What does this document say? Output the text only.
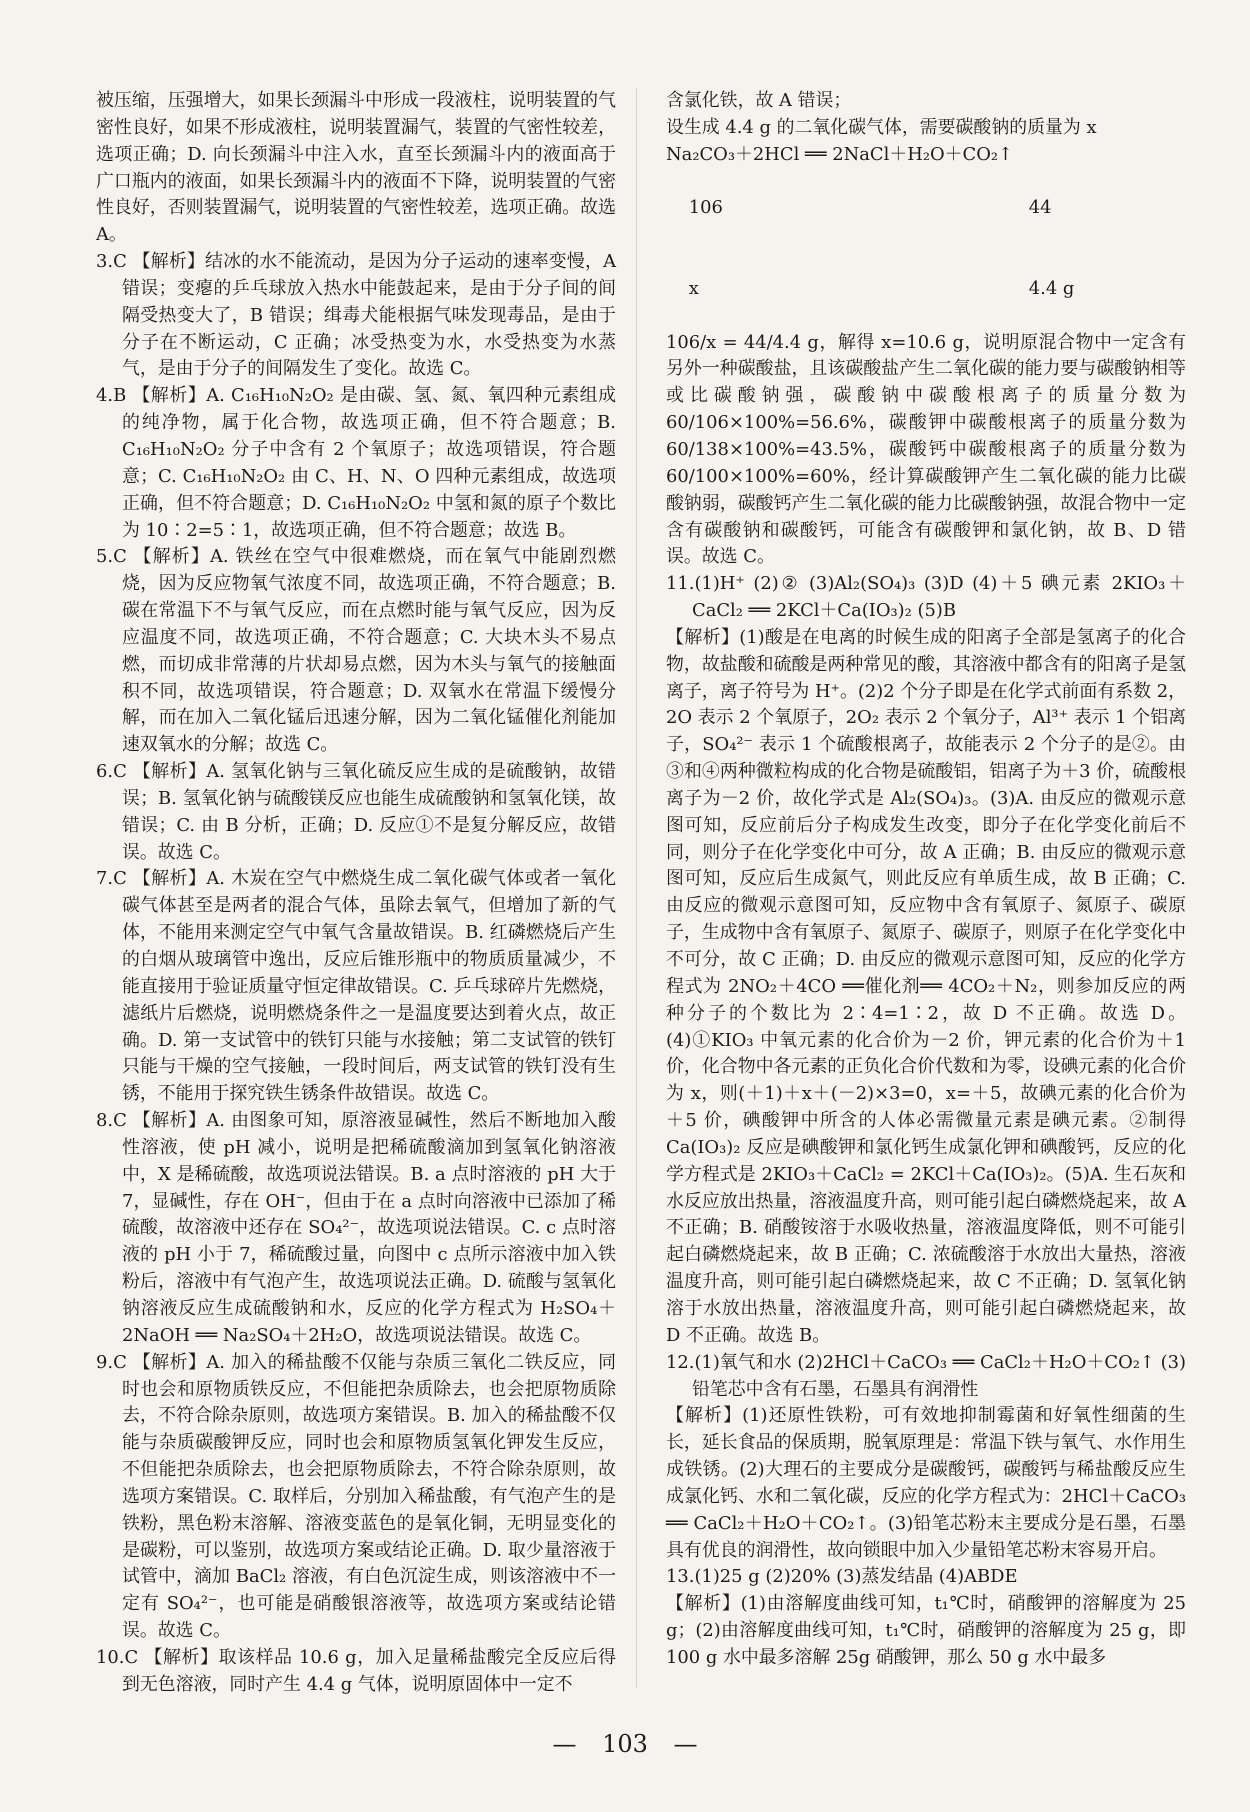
被压缩，压强增大，如果长颈漏斗中形成一段液柱，说明装置的气密性良好，如果不形成液柱，说明装置漏气，装置的气密性较差，选项正确；D. 向长颈漏斗中注入水，直至长颈漏斗内的液面高于广口瓶内的液面，如果长颈漏斗内的液面不下降，说明装置的气密性良好，否则装置漏气，说明装置的气密性较差，选项正确。故选 A。

3.C 【解析】结冰的水不能流动，是因为分子运动的速率变慢，A 错误；变瘪的乒乓球放入热水中能鼓起来，是由于分子间的间隔受热变大了，B 错误；缉毒犬能根据气味发现毒品，是由于分子在不断运动，C 正确；冰受热变为水，水受热变为水蒸气，是由于分子的间隔发生了变化。故选 C。

4.B 【解析】A. C₁₆H₁₀N₂O₂ 是由碳、氢、氮、氧四种元素组成的纯净物，属于化合物，故选项正确，但不符合题意；B. C₁₆H₁₀N₂O₂ 分子中含有 2 个氧原子；故选项错误，符合题意；C. C₁₆H₁₀N₂O₂ 由 C、H、N、O 四种元素组成，故选项正确，但不符合题意；D. C₁₆H₁₀N₂O₂ 中氢和氮的原子个数比为 10∶2=5∶1，故选项正确，但不符合题意；故选 B。

5.C 【解析】A. 铁丝在空气中很难燃烧，而在氧气中能剧烈燃烧，因为反应物氧气浓度不同，故选项正确，不符合题意；B. 碳在常温下不与氧气反应，而在点燃时能与氧气反应，因为反应温度不同，故选项正确，不符合题意；C. 大块木头不易点燃，而切成非常薄的片状却易点燃，因为木头与氧气的接触面积不同，故选项错误，符合题意；D. 双氧水在常温下缓慢分解，而在加入二氧化锰后迅速分解，因为二氧化锰催化剂能加速双氧水的分解；故选 C。

6.C 【解析】A. 氢氧化钠与三氧化硫反应生成的是硫酸钠，故错误；B. 氢氧化钠与硫酸镁反应也能生成硫酸钠和氢氧化镁，故错误；C. 由 B 分析，正确；D. 反应①不是复分解反应，故错误。故选 C。

7.C 【解析】A. 木炭在空气中燃烧生成二氧化碳气体或者一氧化碳气体甚至是两者的混合气体，虽除去氧气，但增加了新的气体，不能用来测定空气中氧气含量故错误。B. 红磷燃烧后产生的白烟从玻璃管中逸出，反应后锥形瓶中的物质质量减少，不能直接用于验证质量守恒定律故错误。C. 乒乓球碎片先燃烧，滤纸片后燃烧，说明燃烧条件之一是温度要达到着火点，故正确。D. 第一支试管中的铁钉只能与水接触；第二支试管的铁钉只能与干燥的空气接触，一段时间后，两支试管的铁钉没有生锈，不能用于探究铁生锈条件故错误。故选 C。

8.C 【解析】A. 由图象可知，原溶液显碱性，然后不断地加入酸性溶液，使 pH 减小，说明是把稀硫酸滴加到氢氧化钠溶液中，X 是稀硫酸，故选项说法错误。B. a 点时溶液的 pH 大于 7，显碱性，存在 OH⁻，但由于在 a 点时向溶液中已添加了稀硫酸，故溶液中还存在 SO₄²⁻，故选项说法错误。C. c 点时溶液的 pH 小于 7，稀硫酸过量，向图中 c 点所示溶液中加入铁粉后，溶液中有气泡产生，故选项说法正确。D. 硫酸与氢氧化钠溶液反应生成硫酸钠和水，反应的化学方程式为 H₂SO₄＋2NaOH ══ Na₂SO₄＋2H₂O，故选项说法错误。故选 C。

9.C 【解析】A. 加入的稀盐酸不仅能与杂质三氧化二铁反应，同时也会和原物质铁反应，不但能把杂质除去，也会把原物质除去，不符合除杂原则，故选项方案错误。B. 加入的稀盐酸不仅能与杂质碳酸钾反应，同时也会和原物质氢氧化钾发生反应，不但能把杂质除去，也会把原物质除去，不符合除杂原则，故选项方案错误。C. 取样后，分别加入稀盐酸，有气泡产生的是铁粉，黑色粉末溶解、溶液变蓝色的是氧化铜，无明显变化的是碳粉，可以鉴别，故选项方案或结论正确。D. 取少量溶液于试管中，滴加 BaCl₂ 溶液，有白色沉淀生成，则该溶液中不一定有 SO₄²⁻，也可能是硝酸银溶液等，故选项方案或结论错误。故选 C。

10.C 【解析】取该样品 10.6 g，加入足量稀盐酸完全反应后得到无色溶液，同时产生 4.4 g 气体，说明原固体中一定不

含氯化铁，故 A 错误；

设生成 4.4 g 的二氧化碳气体，需要碳酸钠的质量为 x

Na₂CO₃＋2HCl ══ 2NaCl＋H₂O＋CO₂↑

106	44

x	4.4 g

106/x = 44/4.4 g，解得 x=10.6 g，说明原混合物中一定含有另外一种碳酸盐，且该碳酸盐产生二氧化碳的能力要与碳酸钠相等或比碳酸钠强，碳酸钠中碳酸根离子的质量分数为 60/106×100%=56.6%，碳酸钾中碳酸根离子的质量分数为 60/138×100%=43.5%，碳酸钙中碳酸根离子的质量分数为 60/100×100%=60%，经计算碳酸钾产生二氧化碳的能力比碳酸钠弱，碳酸钙产生二氧化碳的能力比碳酸钠强，故混合物中一定含有碳酸钠和碳酸钙，可能含有碳酸钾和氯化钠，故 B、D 错误。故选 C。

11.(1)H⁺ (2)② (3)Al₂(SO₄)₃ (3)D (4)＋5 碘元素 2KIO₃＋CaCl₂ ══ 2KCl＋Ca(IO₃)₂ (5)B

【解析】(1)酸是在电离的时候生成的阳离子全部是氢离子的化合物，故盐酸和硫酸是两种常见的酸，其溶液中都含有的阳离子是氢离子，离子符号为 H⁺。(2)2 个分子即是在化学式前面有系数 2，2O 表示 2 个氧原子，2O₂ 表示 2 个氧分子，Al³⁺ 表示 1 个铝离子，SO₄²⁻ 表示 1 个硫酸根离子，故能表示 2 个分子的是②。由③和④两种微粒构成的化合物是硫酸铝，铝离子为＋3 价，硫酸根离子为－2 价，故化学式是 Al₂(SO₄)₃。(3)A. 由反应的微观示意图可知，反应前后分子构成发生改变，即分子在化学变化前后不同，则分子在化学变化中可分，故 A 正确；B. 由反应的微观示意图可知，反应后生成氮气，则此反应有单质生成，故 B 正确；C. 由反应的微观示意图可知，反应物中含有氧原子、氮原子、碳原子，生成物中含有氧原子、氮原子、碳原子，则原子在化学变化中不可分，故 C 正确；D. 由反应的微观示意图可知，反应的化学方程式为 2NO₂＋4CO ══催化剂══ 4CO₂＋N₂，则参加反应的两种分子的个数比为 2∶4=1∶2，故 D 不正确。故选 D。(4)①KIO₃ 中氧元素的化合价为－2 价，钾元素的化合价为＋1 价，化合物中各元素的正负化合价代数和为零，设碘元素的化合价为 x，则(＋1)＋x＋(－2)×3=0，x=＋5，故碘元素的化合价为＋5 价，碘酸钾中所含的人体必需微量元素是碘元素。②制得 Ca(IO₃)₂ 反应是碘酸钾和氯化钙生成氯化钾和碘酸钙，反应的化学方程式是 2KIO₃＋CaCl₂ = 2KCl＋Ca(IO₃)₂。(5)A. 生石灰和水反应放出热量，溶液温度升高，则可能引起白磷燃烧起来，故 A 不正确；B. 硝酸铵溶于水吸收热量，溶液温度降低，则不可能引起白磷燃烧起来，故 B 正确；C. 浓硫酸溶于水放出大量热，溶液温度升高，则可能引起白磷燃烧起来，故 C 不正确；D. 氢氧化钠溶于水放出热量，溶液温度升高，则可能引起白磷燃烧起来，故 D 不正确。故选 B。

12.(1)氧气和水 (2)2HCl＋CaCO₃ ══ CaCl₂＋H₂O＋CO₂↑ (3)铅笔芯中含有石墨，石墨具有润滑性

【解析】(1)还原性铁粉，可有效地抑制霉菌和好氧性细菌的生长，延长食品的保质期，脱氧原理是：常温下铁与氧气、水作用生成铁锈。(2)大理石的主要成分是碳酸钙，碳酸钙与稀盐酸反应生成氯化钙、水和二氧化碳，反应的化学方程式为：2HCl＋CaCO₃ ══ CaCl₂＋H₂O＋CO₂↑。(3)铅笔芯粉末主要成分是石墨，石墨具有优良的润滑性，故向锁眼中加入少量铅笔芯粉末容易开启。

13.(1)25 g (2)20% (3)蒸发结晶 (4)ABDE

【解析】(1)由溶解度曲线可知，t₁℃时，硝酸钾的溶解度为 25 g；(2)由溶解度曲线可知，t₁℃时，硝酸钾的溶解度为 25 g，即 100 g 水中最多溶解 25g 硝酸钾，那么 50 g 水中最多

— 103 —
